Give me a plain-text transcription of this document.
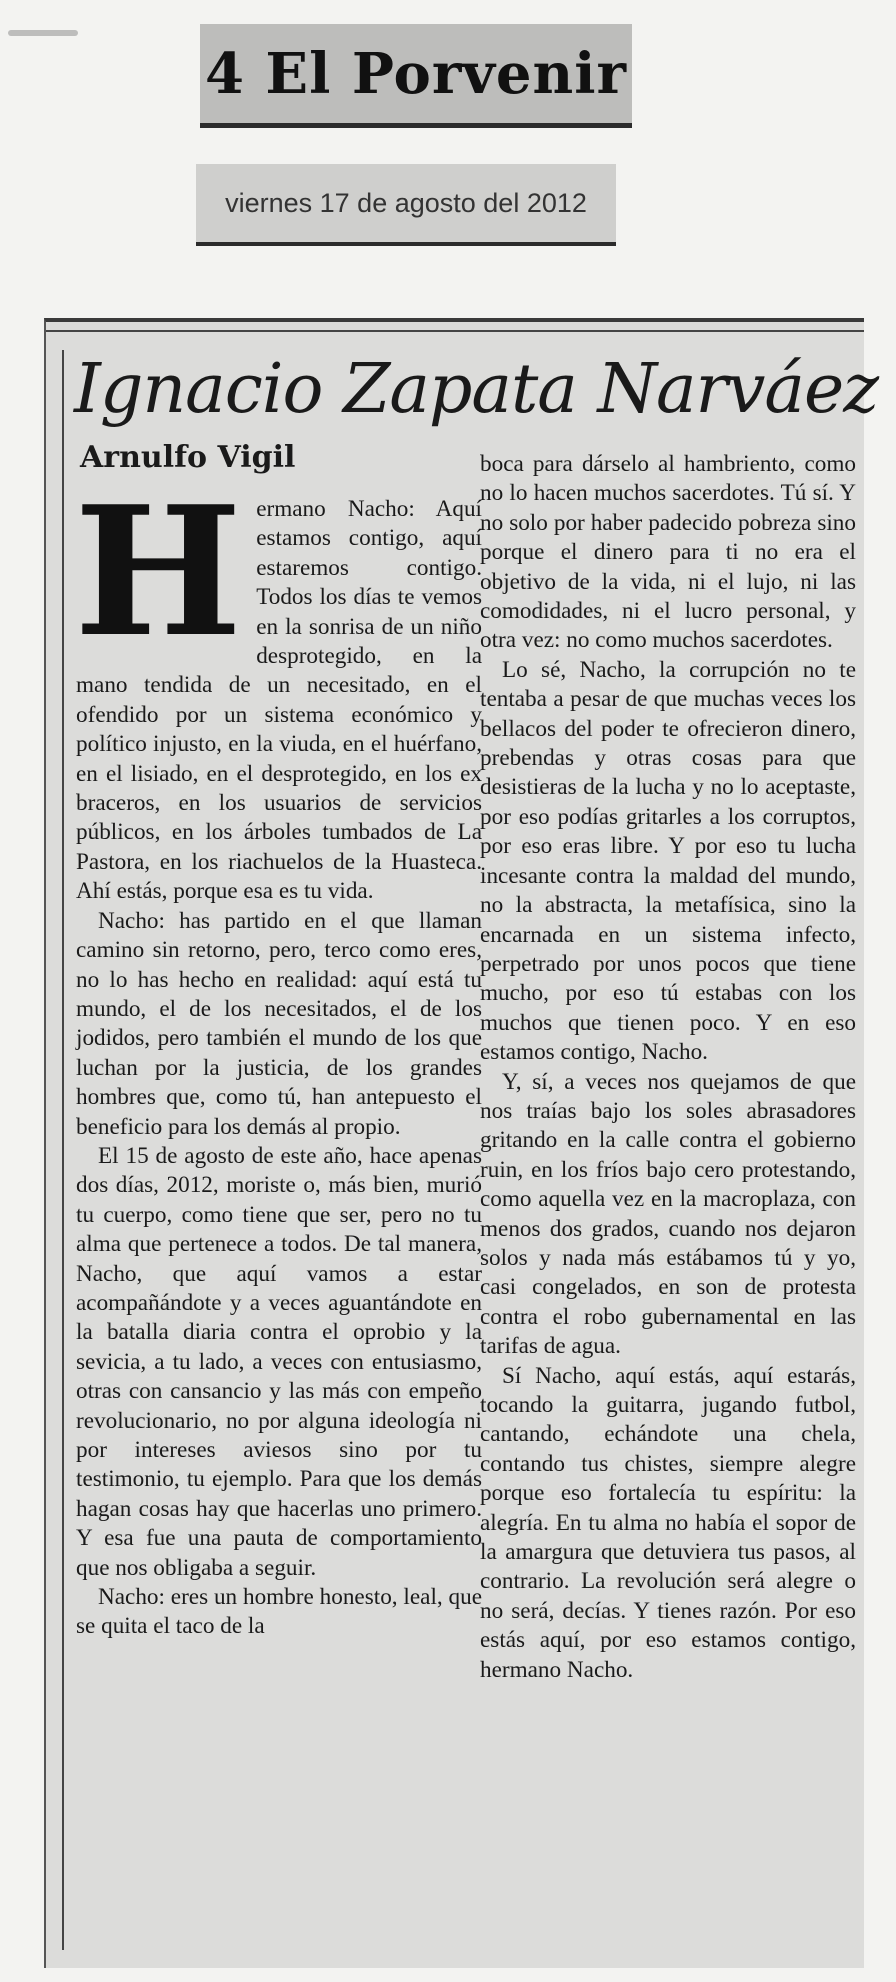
4 El Porvenir
viernes 17 de agosto del 2012
Ignacio Zapata Narváez
Arnulfo Vigil
H ermano Nacho: Aquí estamos contigo, aquí estaremos contigo. Todos los días te vemos en la sonrisa de un niño desprotegido, en la mano tendida de un necesitado, en el ofendido por un sistema económico y político injusto, en la viuda, en el huérfano, en el lisiado, en el desprotegido, en los ex braceros, en los usuarios de servicios públicos, en los árboles tumbados de La Pastora, en los riachuelos de la Huasteca. Ahí estás, porque esa es tu vida.

Nacho: has partido en el que llaman camino sin retorno, pero, terco como eres, no lo has hecho en realidad: aquí está tu mundo, el de los necesitados, el de los jodidos, pero también el mundo de los que luchan por la justicia, de los grandes hombres que, como tú, han antepuesto el beneficio para los demás al propio.

El 15 de agosto de este año, hace apenas dos días, 2012, moriste o, más bien, murió tu cuerpo, como tiene que ser, pero no tu alma que pertenece a todos. De tal manera, Nacho, que aquí vamos a estar acompañándote y a veces aguantándote en la batalla diaria contra el oprobio y la sevicia, a tu lado, a veces con entusiasmo, otras con cansancio y las más con empeño revolucionario, no por alguna ideología ni por intereses aviesos sino por tu testimonio, tu ejemplo. Para que los demás hagan cosas hay que hacerlas uno primero. Y esa fue una pauta de comportamiento que nos obligaba a seguir.

Nacho: eres un hombre honesto, leal, que se quita el taco de la

boca para dárselo al hambriento, como no lo hacen muchos sacerdotes. Tú sí. Y no solo por haber padecido pobreza sino porque el dinero para ti no era el objetivo de la vida, ni el lujo, ni las comodidades, ni el lucro personal, y otra vez: no como muchos sacerdotes.

Lo sé, Nacho, la corrupción no te tentaba a pesar de que muchas veces los bellacos del poder te ofrecieron dinero, prebendas y otras cosas para que desistieras de la lucha y no lo aceptaste, por eso podías gritarles a los corruptos, por eso eras libre. Y por eso tu lucha incesante contra la maldad del mundo, no la abstracta, la metafísica, sino la encarnada en un sistema infecto, perpetrado por unos pocos que tiene mucho, por eso tú estabas con los muchos que tienen poco. Y en eso estamos contigo, Nacho.

Y, sí, a veces nos quejamos de que nos traías bajo los soles abrasadores gritando en la calle contra el gobierno ruin, en los fríos bajo cero protestando, como aquella vez en la macroplaza, con menos dos grados, cuando nos dejaron solos y nada más estábamos tú y yo, casi congelados, en son de protesta contra el robo gubernamental en las tarifas de agua.

Sí Nacho, aquí estás, aquí estarás, tocando la guitarra, jugando futbol, cantando, echándote una chela, contando tus chistes, siempre alegre porque eso fortalecía tu espíritu: la alegría. En tu alma no había el sopor de la amargura que detuviera tus pasos, al contrario. La revolución será alegre o no será, decías. Y tienes razón. Por eso estás aquí, por eso estamos contigo, hermano Nacho.
